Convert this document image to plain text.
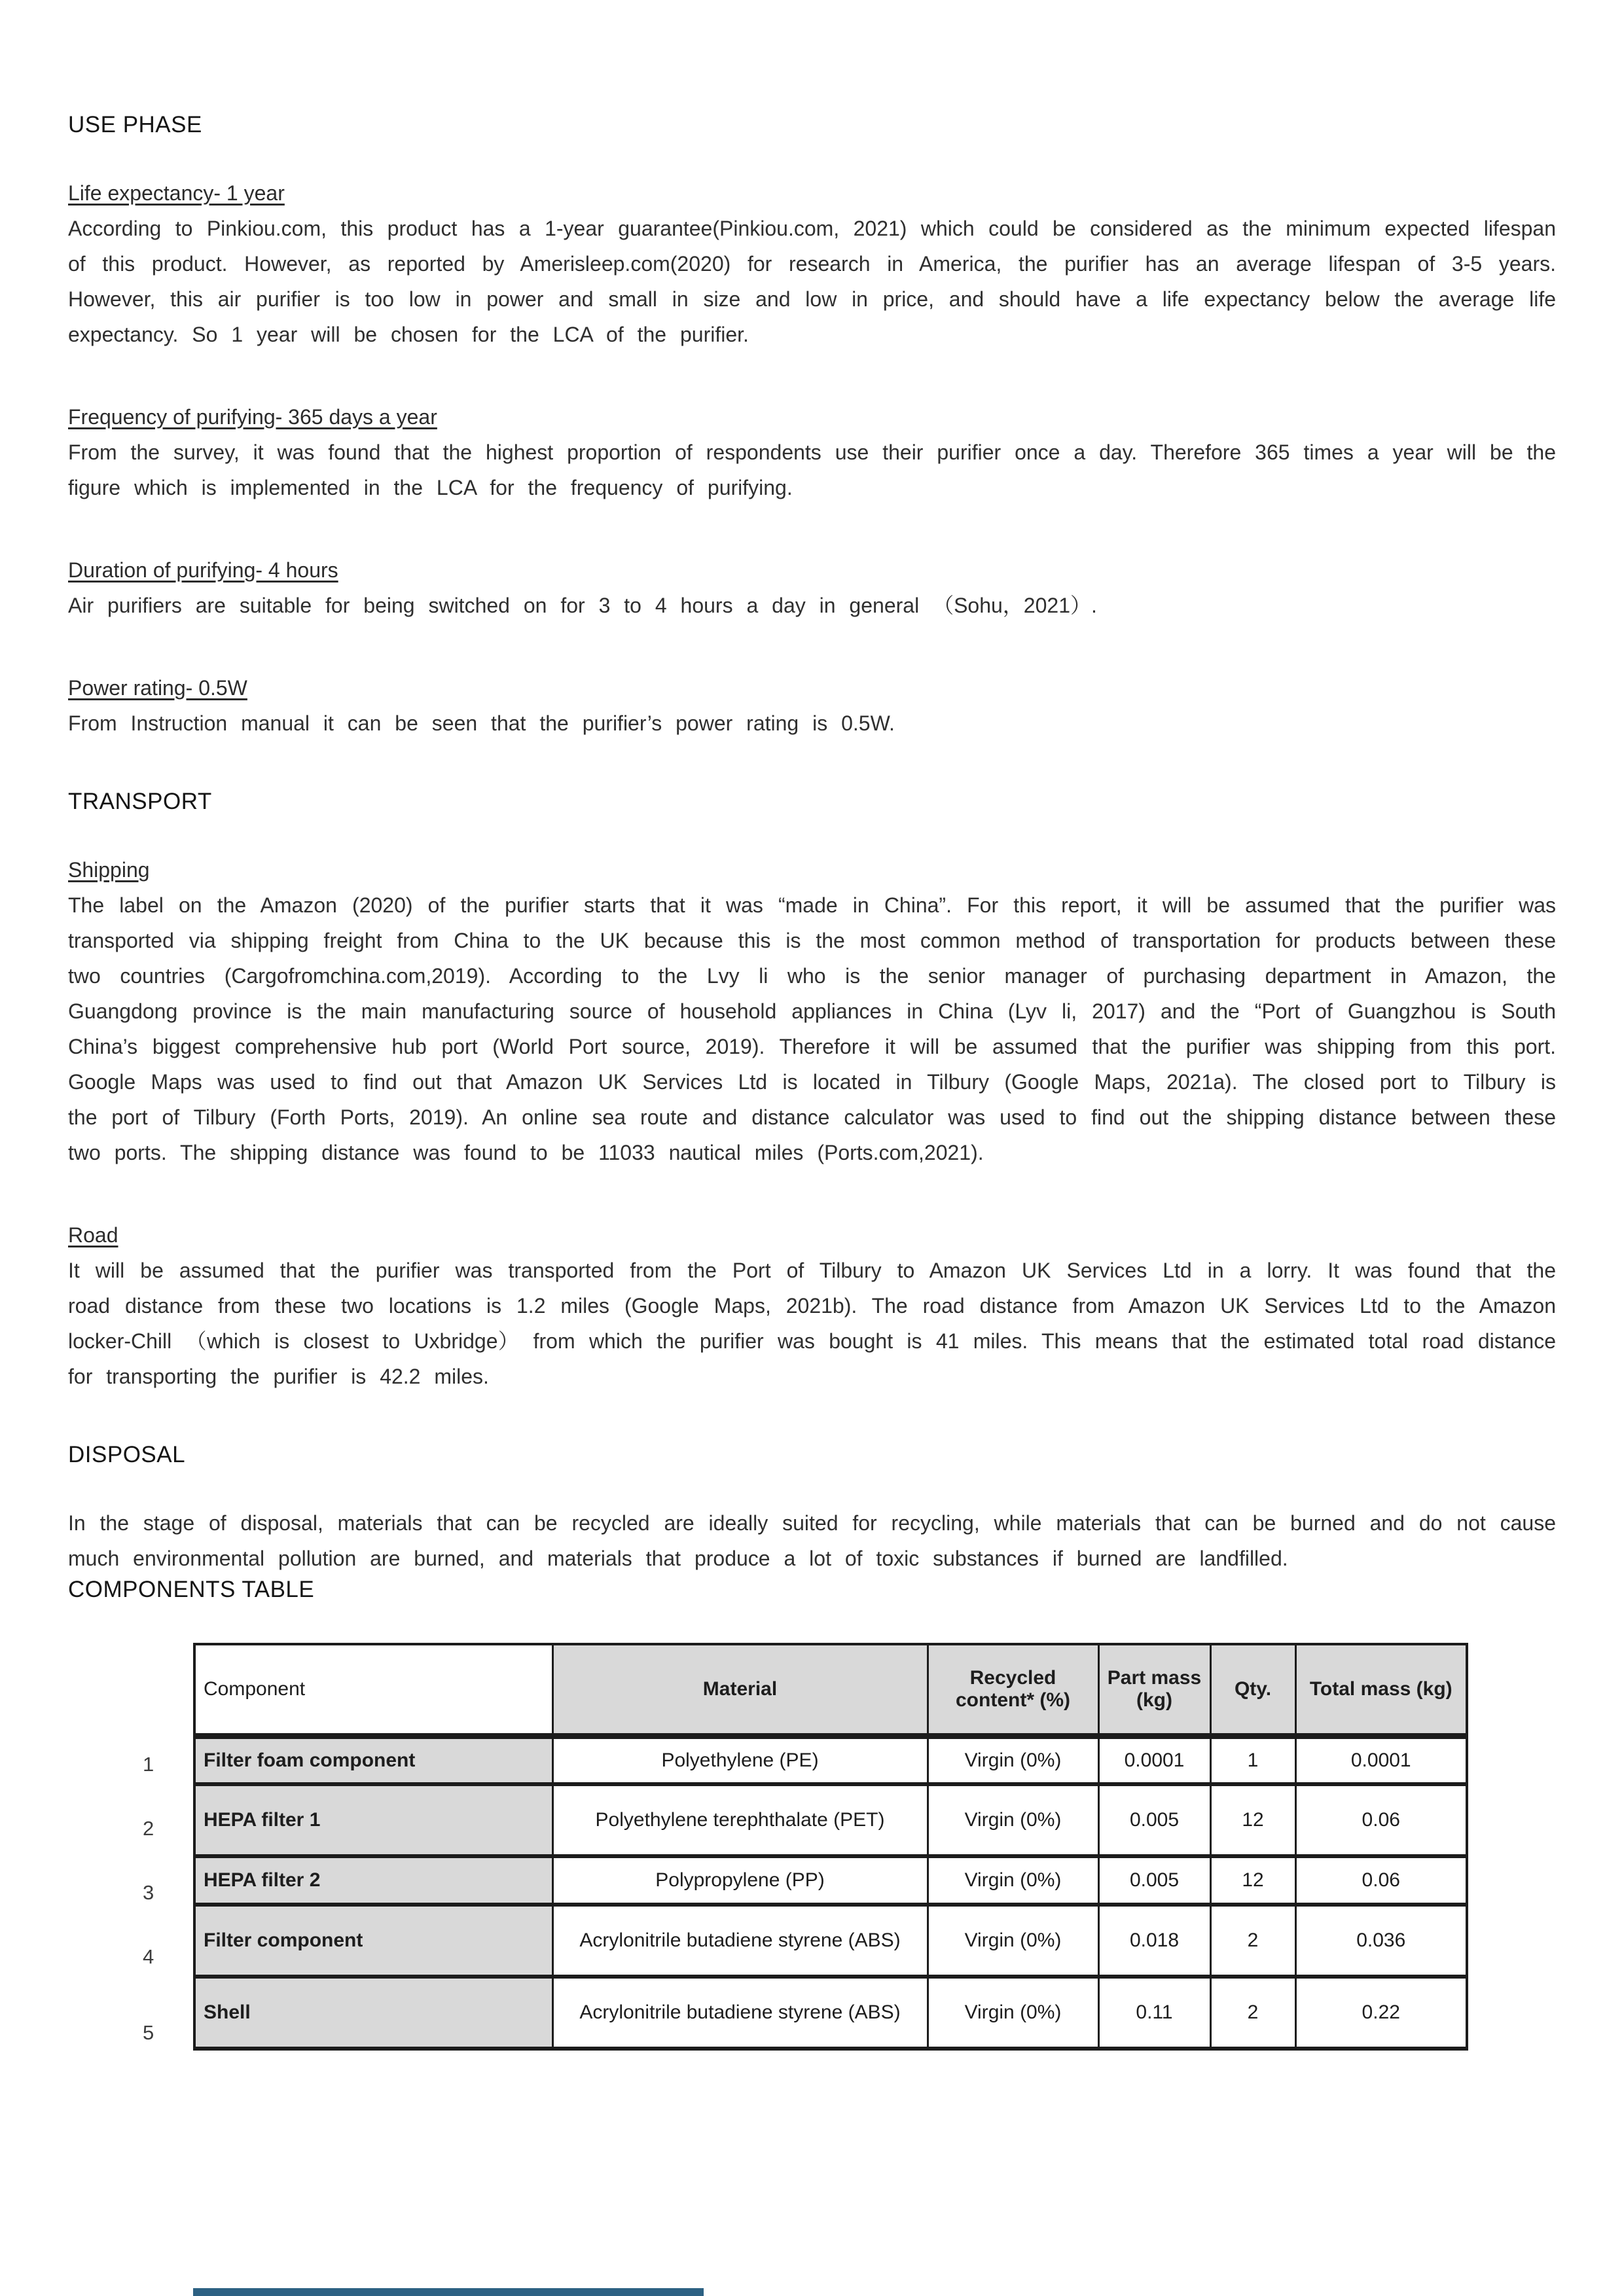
USE PHASE
Life expectancy- 1 year

According to Pinkiou.com, this product has a 1-year guarantee(Pinkiou.com, 2021) which could be considered as the minimum expected lifespan of this product. However, as reported by Amerisleep.com(2020) for research in America, the purifier has an average lifespan of 3-5 years. However, this air purifier is too low in power and small in size and low in price, and should have a life expectancy below the average life expectancy. So 1 year will be chosen for the LCA of the purifier.

Frequency of purifying- 365 days a year

From the survey, it was found that the highest proportion of respondents use their purifier once a day. Therefore 365 times a year will be the figure which is implemented in the LCA for the frequency of purifying.

Duration of purifying- 4 hours

Air purifiers are suitable for being switched on for 3 to 4 hours a day in general （Sohu，2021）.

Power rating- 0.5W

From Instruction manual it can be seen that the purifier’s power rating is 0.5W.

TRANSPORT
Shipping

The label on the Amazon (2020) of the purifier starts that it was “made in China”. For this report, it will be assumed that the purifier was transported via shipping freight from China to the UK because this is the most common method of transportation for products between these two countries (Cargofromchina.com,2019). According to the Lvy li who is the senior manager of purchasing department in Amazon, the Guangdong province is the main manufacturing source of household appliances in China (Lyv li, 2017) and the “Port of Guangzhou is South China’s biggest comprehensive hub port (World Port source, 2019). Therefore it will be assumed that the purifier was shipping from this port. Google Maps was used to find out that Amazon UK Services Ltd is located in Tilbury (Google Maps, 2021a). The closed port to Tilbury is the port of Tilbury (Forth Ports, 2019). An online sea route and distance calculator was used to find out the shipping distance between these two ports. The shipping distance was found to be 11033 nautical miles (Ports.com,2021).

Road

It will be assumed that the purifier was transported from the Port of Tilbury to Amazon UK Services Ltd in a lorry. It was found that the road distance from these two locations is 1.2 miles (Google Maps, 2021b). The road distance from Amazon UK Services Ltd to the Amazon locker-Chill （which is closest to Uxbridge） from which the purifier was bought is 41 miles. This means that the estimated total road distance for transporting the purifier is 42.2 miles.

DISPOSAL

In the stage of disposal, materials that can be recycled are ideally suited for recycling, while materials that can be burned and do not cause much environmental pollution are burned, and materials that produce a lot of toxic substances if burned are landfilled.

COMPONENTS TABLE
Component	Material	Recycled content* (%)	Part mass (kg)	Qty.	Total mass (kg)
Filter foam component	Polyethylene (PE)	Virgin (0%)	0.0001	1	0.0001
HEPA filter 1	Polyethylene terephthalate (PET)	Virgin (0%)	0.005	12	0.06
HEPA filter 2	Polypropylene (PP)	Virgin (0%)	0.005	12	0.06
Filter component	Acrylonitrile butadiene styrene (ABS)	Virgin (0%)	0.018	2	0.036
Shell	Acrylonitrile butadiene styrene (ABS)	Virgin (0%)	0.11	2	0.22
1
2
3
4
5
